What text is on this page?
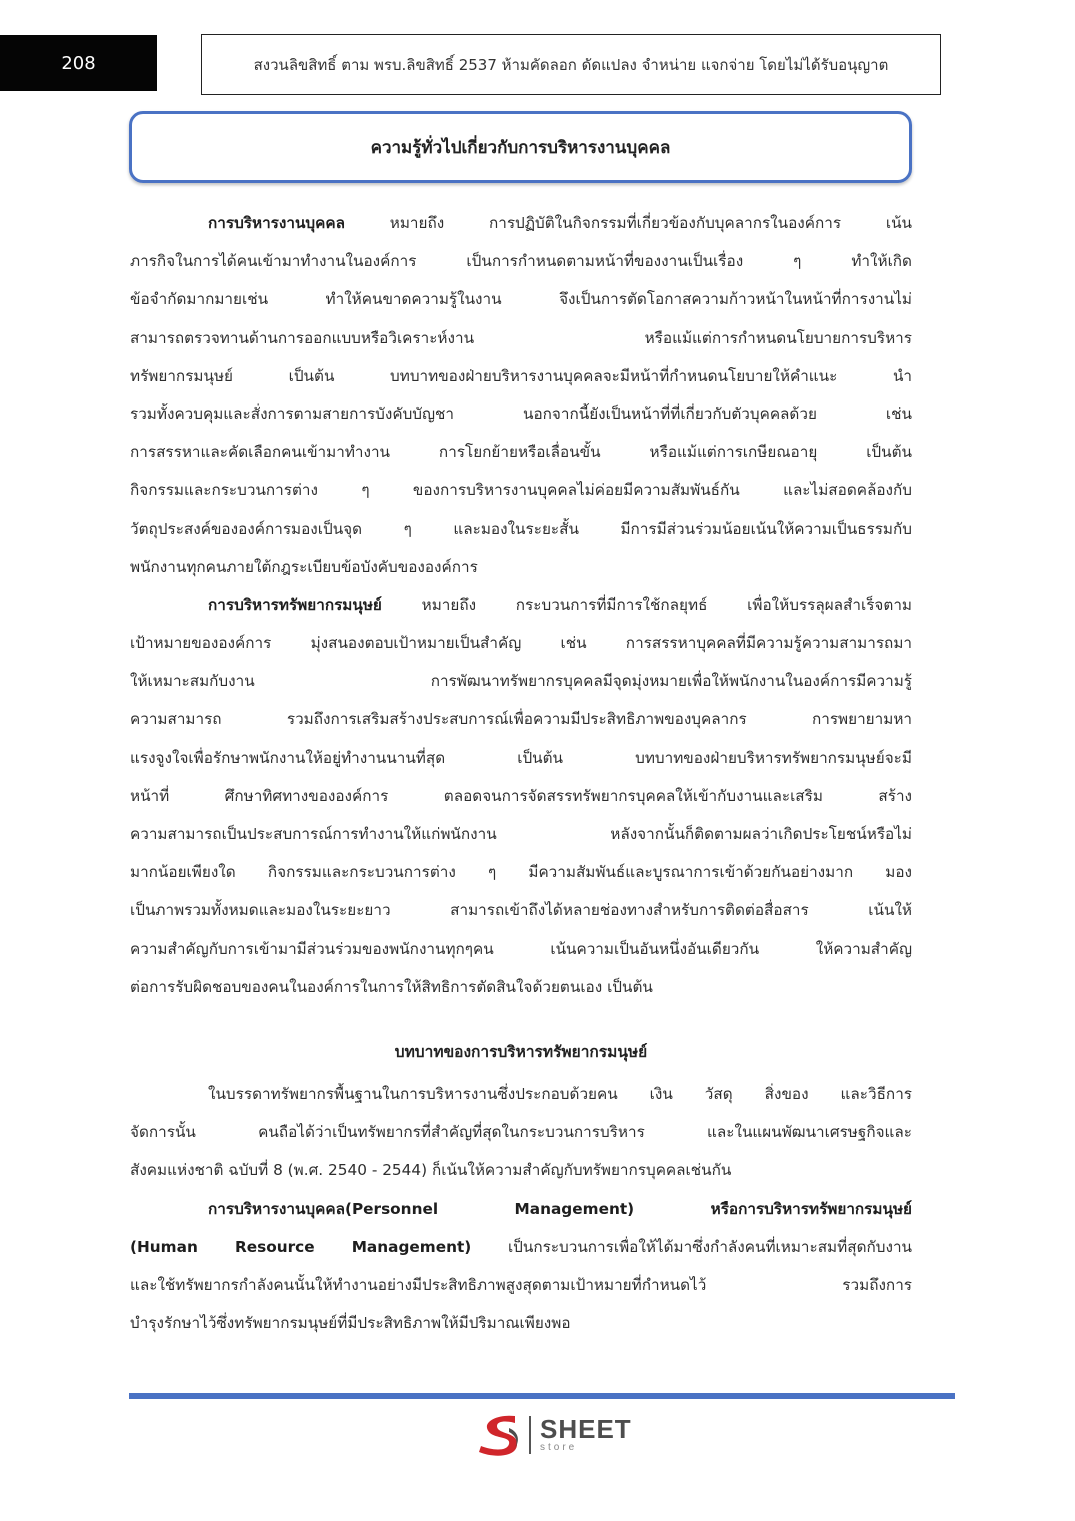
208	สงวนลิขสิทธิ์ ตาม พรบ.ลิขสิทธิ์ 2537 ห้ามคัดลอก ดัดแปลง จำหน่าย แจกจ่าย โดยไม่ได้รับอนุญาต
ความรู้ทั่วไปเกี่ยวกับการบริหารงานบุคคล
การบริหารงานบุคคล หมายถึง การปฏิบัติในกิจกรรมที่เกี่ยวข้องกับบุคลากรในองค์การ เน้น
ภารกิจในการได้คนเข้ามาทำงานในองค์การ เป็นการกำหนดตามหน้าที่ของงานเป็นเรื่อง ๆ ทำให้เกิด
ข้อจำกัดมากมายเช่น ทำให้คนขาดความรู้ในงาน จึงเป็นการตัดโอกาสความก้าวหน้าในหน้าที่การงานไม่
สามารถตรวจทานด้านการออกแบบหรือวิเคราะห์งาน หรือแม้แต่การกำหนดนโยบายการบริหาร
ทรัพยากรมนุษย์ เป็นต้น บทบาทของฝ่ายบริหารงานบุคคลจะมีหน้าที่กำหนดนโยบายให้คำแนะ นำ
รวมทั้งควบคุมและสั่งการตามสายการบังคับบัญชา นอกจากนี้ยังเป็นหน้าที่ที่เกี่ยวกับตัวบุคคลด้วย เช่น
การสรรหาและคัดเลือกคนเข้ามาทำงาน การโยกย้ายหรือเลื่อนขั้น หรือแม้แต่การเกษียณอายุ เป็นต้น
กิจกรรมและกระบวนการต่าง ๆ ของการบริหารงานบุคคลไม่ค่อยมีความสัมพันธ์กัน และไม่สอดคล้องกับ
วัตถุประสงค์ขององค์การมองเป็นจุด ๆ และมองในระยะสั้น มีการมีส่วนร่วมน้อยเน้นให้ความเป็นธรรมกับ
พนักงานทุกคนภายใต้กฎระเบียบข้อบังคับขององค์การ
การบริหารทรัพยากรมนุษย์ หมายถึง กระบวนการที่มีการใช้กลยุทธ์ เพื่อให้บรรลุผลสำเร็จตาม
เป้าหมายขององค์การ มุ่งสนองตอบเป้าหมายเป็นสำคัญ เช่น การสรรหาบุคคลที่มีความรู้ความสามารถมา
ให้เหมาะสมกับงาน การพัฒนาทรัพยากรบุคคลมีจุดมุ่งหมายเพื่อให้พนักงานในองค์การมีความรู้
ความสามารถ รวมถึงการเสริมสร้างประสบการณ์เพื่อความมีประสิทธิภาพของบุคลากร การพยายามหา
แรงจูงใจเพื่อรักษาพนักงานให้อยู่ทำงานนานที่สุด เป็นต้น บทบาทของฝ่ายบริหารทรัพยากรมนุษย์จะมี
หน้าที่ ศึกษาทิศทางขององค์การ ตลอดจนการจัดสรรทรัพยากรบุคคลให้เข้ากับงานและเสริม สร้าง
ความสามารถเป็นประสบการณ์การทำงานให้แก่พนักงาน หลังจากนั้นก็ติดตามผลว่าเกิดประโยชน์หรือไม่
มากน้อยเพียงใด กิจกรรมและกระบวนการต่าง ๆ มีความสัมพันธ์และบูรณาการเข้าด้วยกันอย่างมาก มอง
เป็นภาพรวมทั้งหมดและมองในระยะยาว สามารถเข้าถึงได้หลายช่องทางสำหรับการติดต่อสื่อสาร เน้นให้
ความสำคัญกับการเข้ามามีส่วนร่วมของพนักงานทุกๆคน เน้นความเป็นอันหนึ่งอันเดียวกัน ให้ความสำคัญ
ต่อการรับผิดชอบของคนในองค์การในการให้สิทธิการตัดสินใจด้วยตนเอง เป็นต้น
บทบาทของการบริหารทรัพยากรมนุษย์
ในบรรดาทรัพยากรพื้นฐานในการบริหารงานซึ่งประกอบด้วยคน เงิน วัสดุ สิ่งของ และวิธีการ
จัดการนั้น คนถือได้ว่าเป็นทรัพยากรที่สำคัญที่สุดในกระบวนการบริหาร และในแผนพัฒนาเศรษฐกิจและ
สังคมแห่งชาติ ฉบับที่ 8 (พ.ศ. 2540 - 2544) ก็เน้นให้ความสำคัญกับทรัพยากรบุคคลเช่นกัน
การบริหารงานบุคคล(Personnel Management) หรือการบริหารทรัพยากรมนุษย์
(Human Resource Management) เป็นกระบวนการเพื่อให้ได้มาซึ่งกำลังคนที่เหมาะสมที่สุดกับงาน
และใช้ทรัพยากรกำลังคนนั้นให้ทำงานอย่างมีประสิทธิภาพสูงสุดตามเป้าหมายที่กำหนดไว้ รวมถึงการ
บำรุงรักษาไว้ซึ่งทรัพยากรมนุษย์ที่มีประสิทธิภาพให้มีปริมาณเพียงพอ
SHEET
store
